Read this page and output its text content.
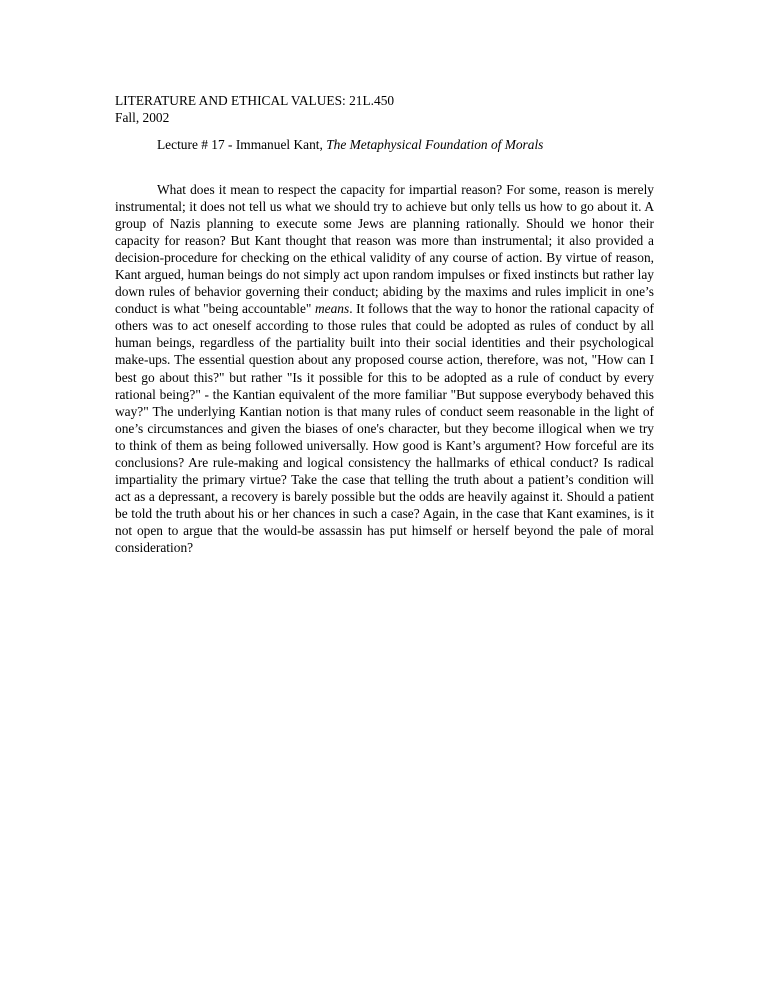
LITERATURE AND ETHICAL VALUES: 21L.450
Fall, 2002
Lecture # 17 - Immanuel Kant, The Metaphysical Foundation of Morals

What does it mean to respect the capacity for impartial reason? For some, reason is merely instrumental; it does not tell us what we should try to achieve but only tells us how to go about it. A group of Nazis planning to execute some Jews are planning rationally. Should we honor their capacity for reason? But Kant thought that reason was more than instrumental; it also provided a decision-procedure for checking on the ethical validity of any course of action. By virtue of reason, Kant argued, human beings do not simply act upon random impulses or fixed instincts but rather lay down rules of behavior governing their conduct; abiding by the maxims and rules implicit in one’s conduct is what "being accountable" means. It follows that the way to honor the rational capacity of others was to act oneself according to those rules that could be adopted as rules of conduct by all human beings, regardless of the partiality built into their social identities and their psychological make-ups. The essential question about any proposed course action, therefore, was not, "How can I best go about this?" but rather "Is it possible for this to be adopted as a rule of conduct by every rational being?" - the Kantian equivalent of the more familiar "But suppose everybody behaved this way?" The underlying Kantian notion is that many rules of conduct seem reasonable in the light of one’s circumstances and given the biases of one's character, but they become illogical when we try to think of them as being followed universally. How good is Kant’s argument? How forceful are its conclusions? Are rule-making and logical consistency the hallmarks of ethical conduct? Is radical impartiality the primary virtue? Take the case that telling the truth about a patient’s condition will act as a depressant, a recovery is barely possible but the odds are heavily against it. Should a patient be told the truth about his or her chances in such a case? Again, in the case that Kant examines, is it not open to argue that the would-be assassin has put himself or herself beyond the pale of moral consideration?
